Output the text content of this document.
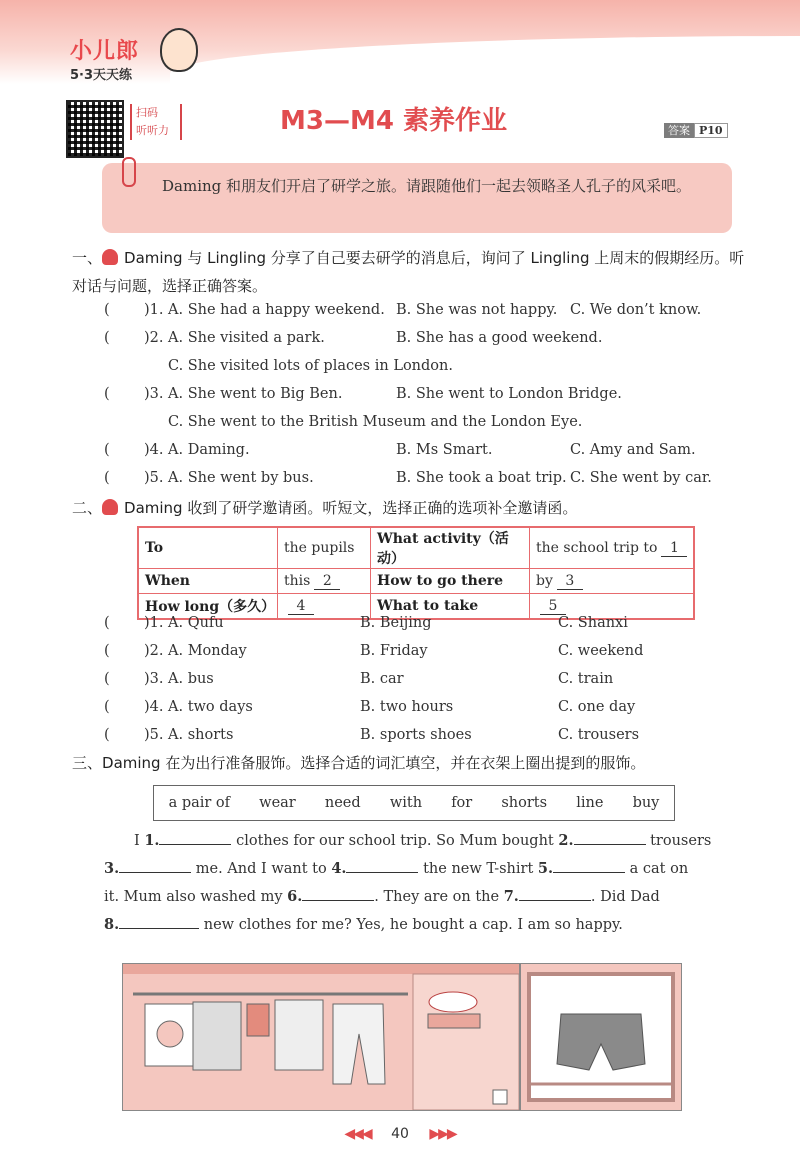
小儿郎
5·3天天练
扫码
听听力	M3—M4 素养作业	答案 P10
Daming 和朋友们开启了研学之旅。请跟随他们一起去领略圣人孔子的风采吧。
一、 Daming 与 Lingling 分享了自己要去研学的消息后，询问了 Lingling 上周末的假期经历。听对话与问题，选择正确答案。
( )1. A. She had a happy weekend. B. She was not happy. C. We don’t know.
( )2. A. She visited a park.	B. She has a good weekend.
C. She visited lots of places in London.
( )3. A. She went to Big Ben.	B. She went to London Bridge.
C. She went to the British Museum and the London Eye.
( )4. A. Daming.	B. Ms Smart.	C. Amy and Sam.
( )5. A. She went by bus.	B. She took a boat trip. C. She went by car.
二、 Daming 收到了研学邀请函。听短文，选择正确的选项补全邀请函。
To	the pupils	What activity（活动）	the school trip to 1
When	this 2	How to go there	by 3
How long（多久）	4	What to take	5
( )1. A. Qufu	B. Beijing	C. Shanxi
( )2. A. Monday	B. Friday	C. weekend
( )3. A. bus	B. car	C. train
( )4. A. two days	B. two hours	C. one day
( )5. A. shorts	B. sports shoes	C. trousers
三、Daming 在为出行准备服饰。选择合适的词汇填空，并在衣架上圈出提到的服饰。
a pair of wear need with for shorts line buy
I 1.	clothes for our school trip. So Mum bought 2.	trousers
3.	me. And I want to 4.	the new T-shirt 5.	a cat on
it. Mum also washed my 6.	. They are on the 7.	. Did Dad
8.	new clothes for me? Yes, he bought a cap. I am so happy.
◀◀◀ 40 ▶▶▶
